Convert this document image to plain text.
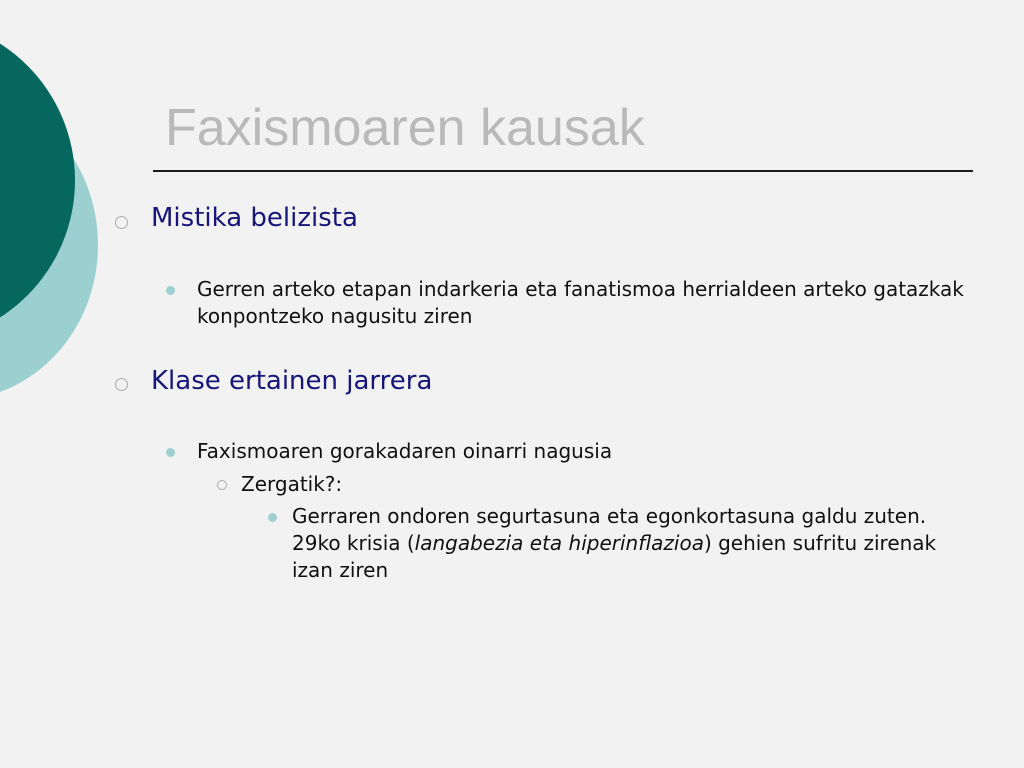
Faxismoaren kausak

Mistika belizista

Gerren arteko etapan indarkeria eta fanatismoa herrialdeen arteko gatazkak konpontzeko nagusitu ziren

Klase ertainen jarrera

Faxismoaren gorakadaren oinarri nagusia

Zergatik?:

Gerraren ondoren segurtasuna eta egonkortasuna galdu zuten. 29ko krisia (langabezia eta hiperinflazioa) gehien sufritu zirenak izan ziren
